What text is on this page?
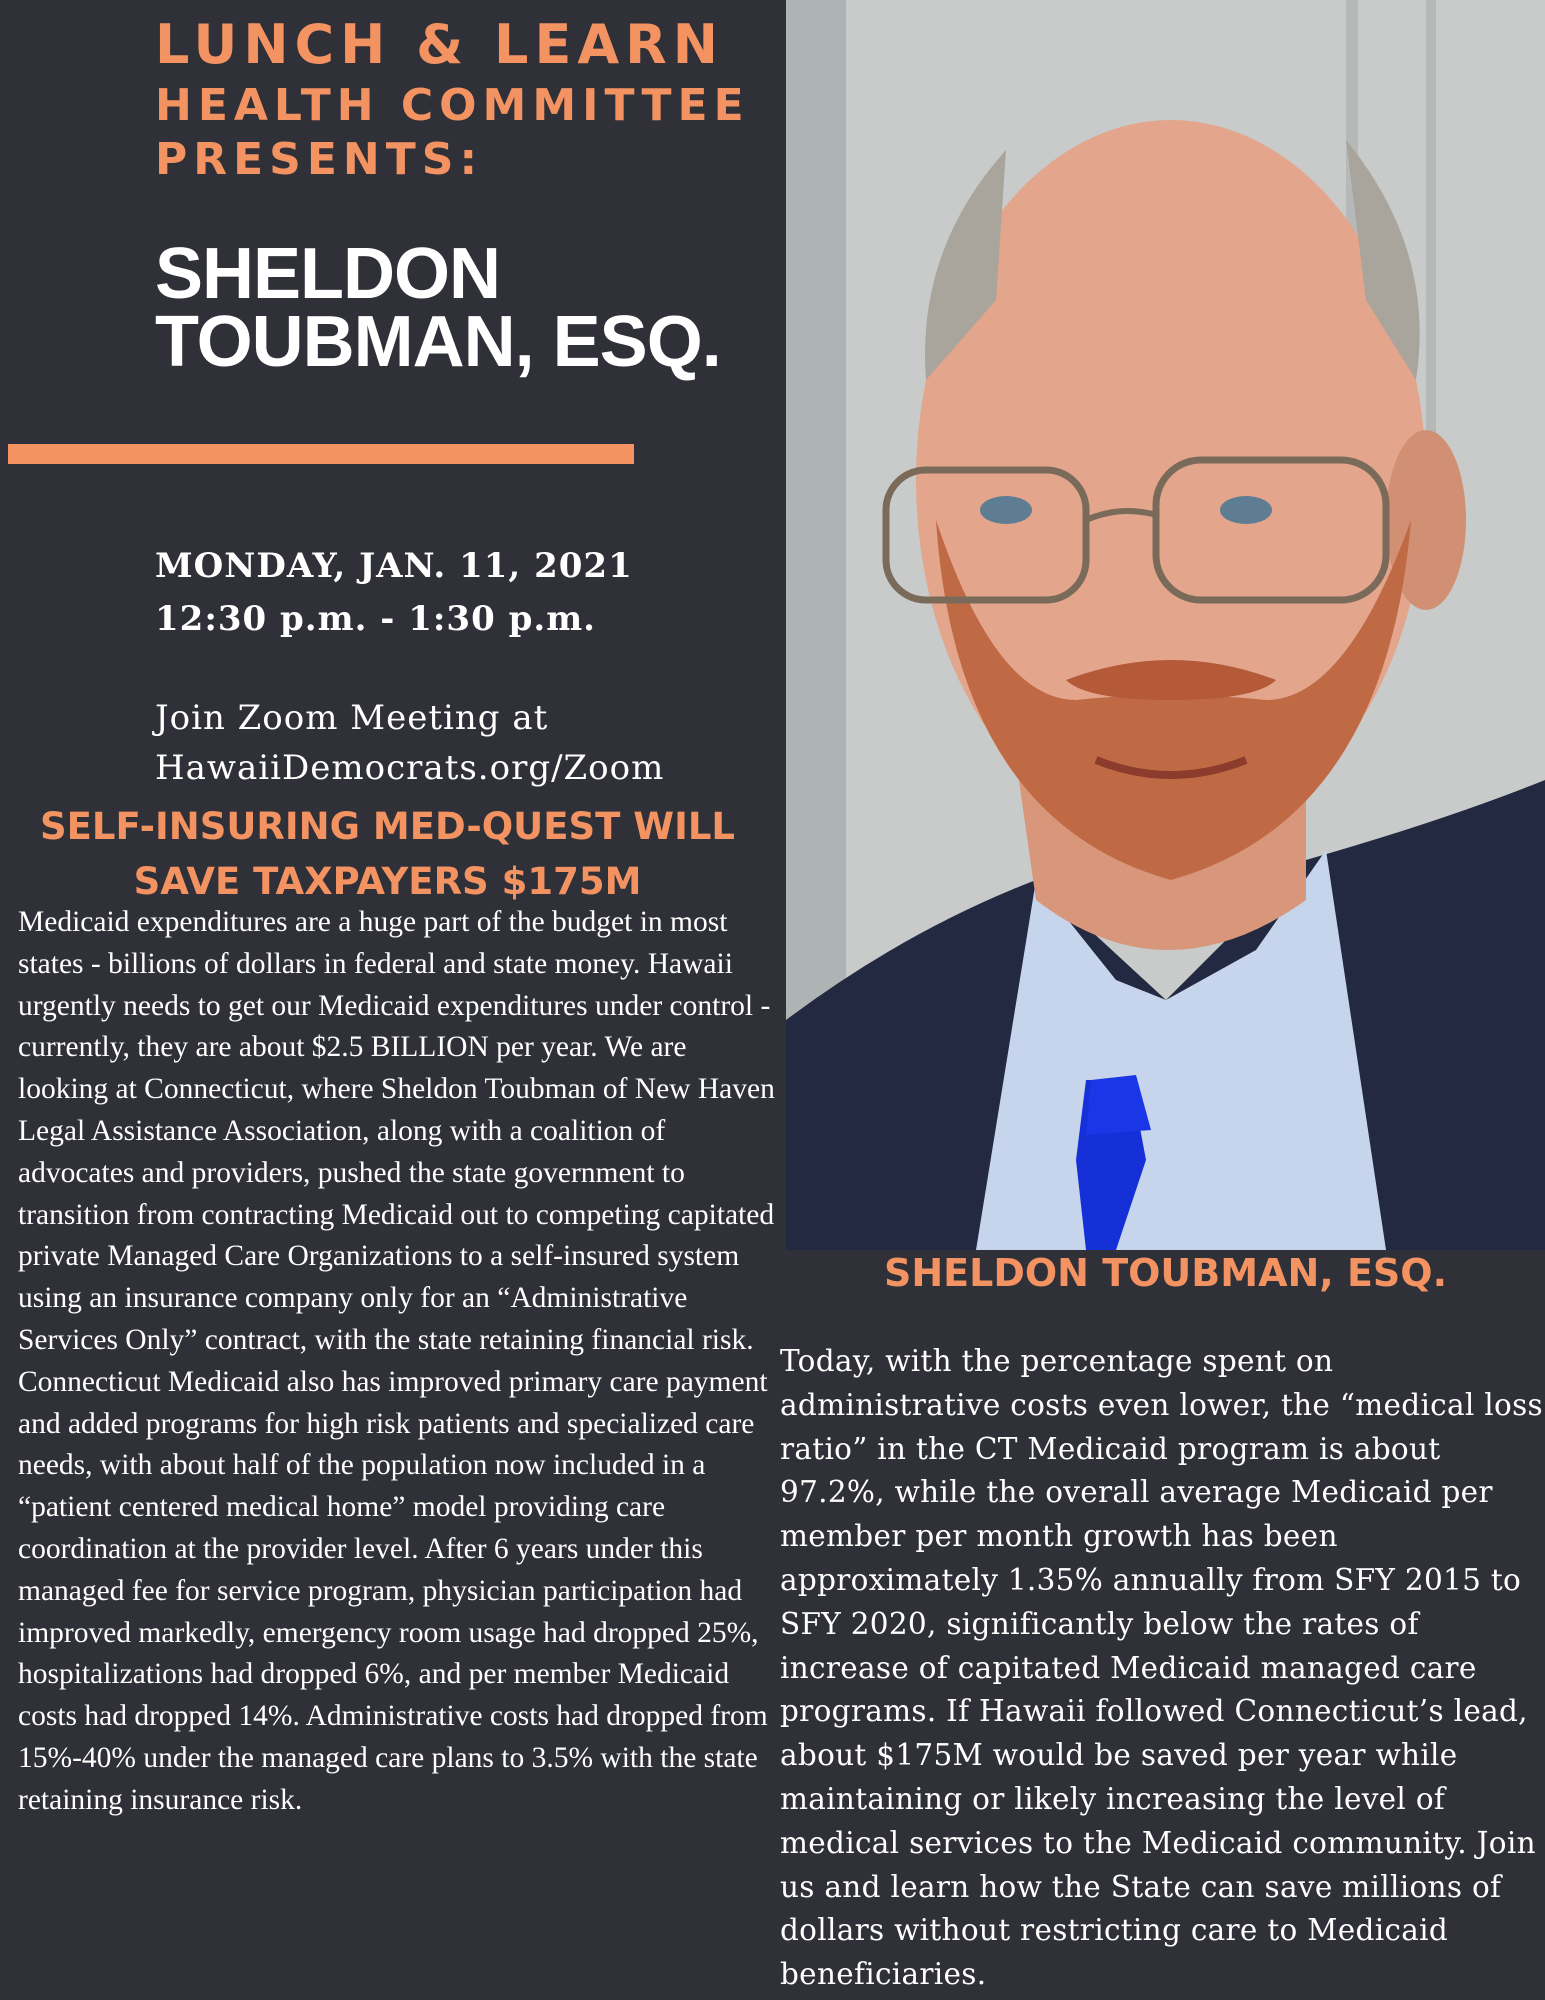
LUNCH & LEARN
HEALTH COMMITTEE
PRESENTS:
SHELDON
TOUBMAN, ESQ.
MONDAY, JAN. 11, 2021
12:30 p.m. - 1:30 p.m.
Join Zoom Meeting at
HawaiiDemocrats.org/Zoom
SELF-INSURING MED-QUEST WILL
SAVE TAXPAYERS $175M

Medicaid expenditures are a huge part of the budget in most states - billions of dollars in federal and state money. Hawaii urgently needs to get our Medicaid expenditures under control - currently, they are about $2.5 BILLION per year. We are looking at Connecticut, where Sheldon Toubman of New Haven Legal Assistance Association, along with a coalition of advocates and providers, pushed the state government to transition from contracting Medicaid out to competing capitated private Managed Care Organizations to a self-insured system using an insurance company only for an “Administrative Services Only” contract, with the state retaining financial risk. Connecticut Medicaid also has improved primary care payment and added programs for high risk patients and specialized care needs, with about half of the population now included in a “patient centered medical home” model providing care coordination at the provider level. After 6 years under this managed fee for service program, physician participation had improved markedly, emergency room usage had dropped 25%, hospitalizations had dropped 6%, and per member Medicaid costs had dropped 14%. Administrative costs had dropped from 15%-40% under the managed care plans to 3.5% with the state retaining insurance risk.

SHELDON TOUBMAN, ESQ.

Today, with the percentage spent on administrative costs even lower, the “medical loss ratio” in the CT Medicaid program is about 97.2%, while the overall average Medicaid per member per month growth has been approximately 1.35% annually from SFY 2015 to SFY 2020, significantly below the rates of increase of capitated Medicaid managed care programs. If Hawaii followed Connecticut’s lead, about $175M would be saved per year while maintaining or likely increasing the level of medical services to the Medicaid community. Join us and learn how the State can save millions of dollars without restricting care to Medicaid beneficiaries.
